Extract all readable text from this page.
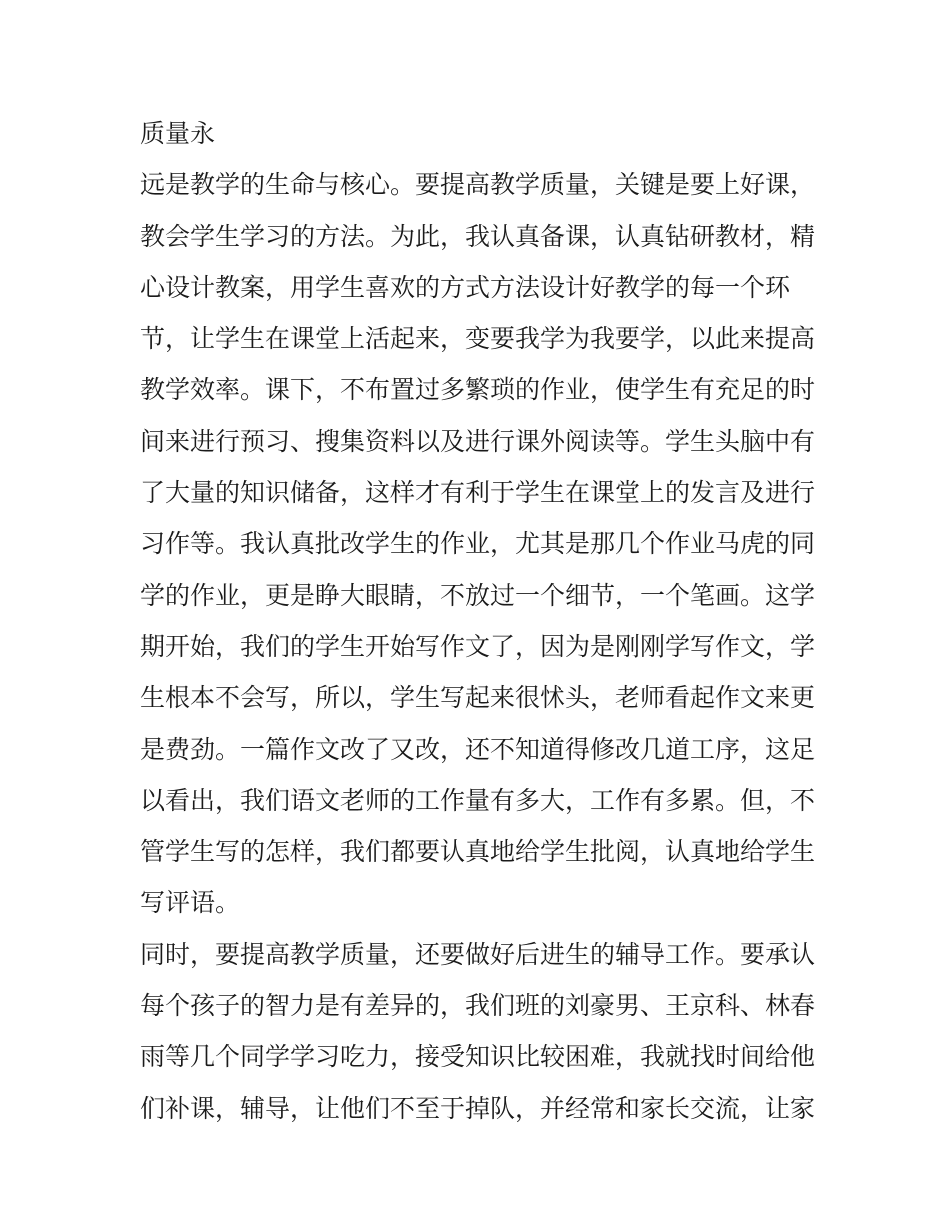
质量永
远是教学的生命与核心。要提高教学质量，关键是要上好课，
教会学生学习的方法。为此，我认真备课，认真钻研教材，精
心设计教案，用学生喜欢的方式方法设计好教学的每一个环
节，让学生在课堂上活起来，变要我学为我要学，以此来提高
教学效率。课下，不布置过多繁琐的作业，使学生有充足的时
间来进行预习、搜集资料以及进行课外阅读等。学生头脑中有
了大量的知识储备，这样才有利于学生在课堂上的发言及进行
习作等。我认真批改学生的作业，尤其是那几个作业马虎的同
学的作业，更是睁大眼睛，不放过一个细节，一个笔画。这学
期开始，我们的学生开始写作文了，因为是刚刚学写作文，学
生根本不会写，所以，学生写起来很怵头，老师看起作文来更
是费劲。一篇作文改了又改，还不知道得修改几道工序，这足
以看出，我们语文老师的工作量有多大，工作有多累。但，不
管学生写的怎样，我们都要认真地给学生批阅，认真地给学生
写评语。
同时，要提高教学质量，还要做好后进生的辅导工作。要承认
每个孩子的智力是有差异的，我们班的刘豪男、王京科、林春
雨等几个同学学习吃力，接受知识比较困难，我就找时间给他
们补课，辅导，让他们不至于掉队，并经常和家长交流，让家
